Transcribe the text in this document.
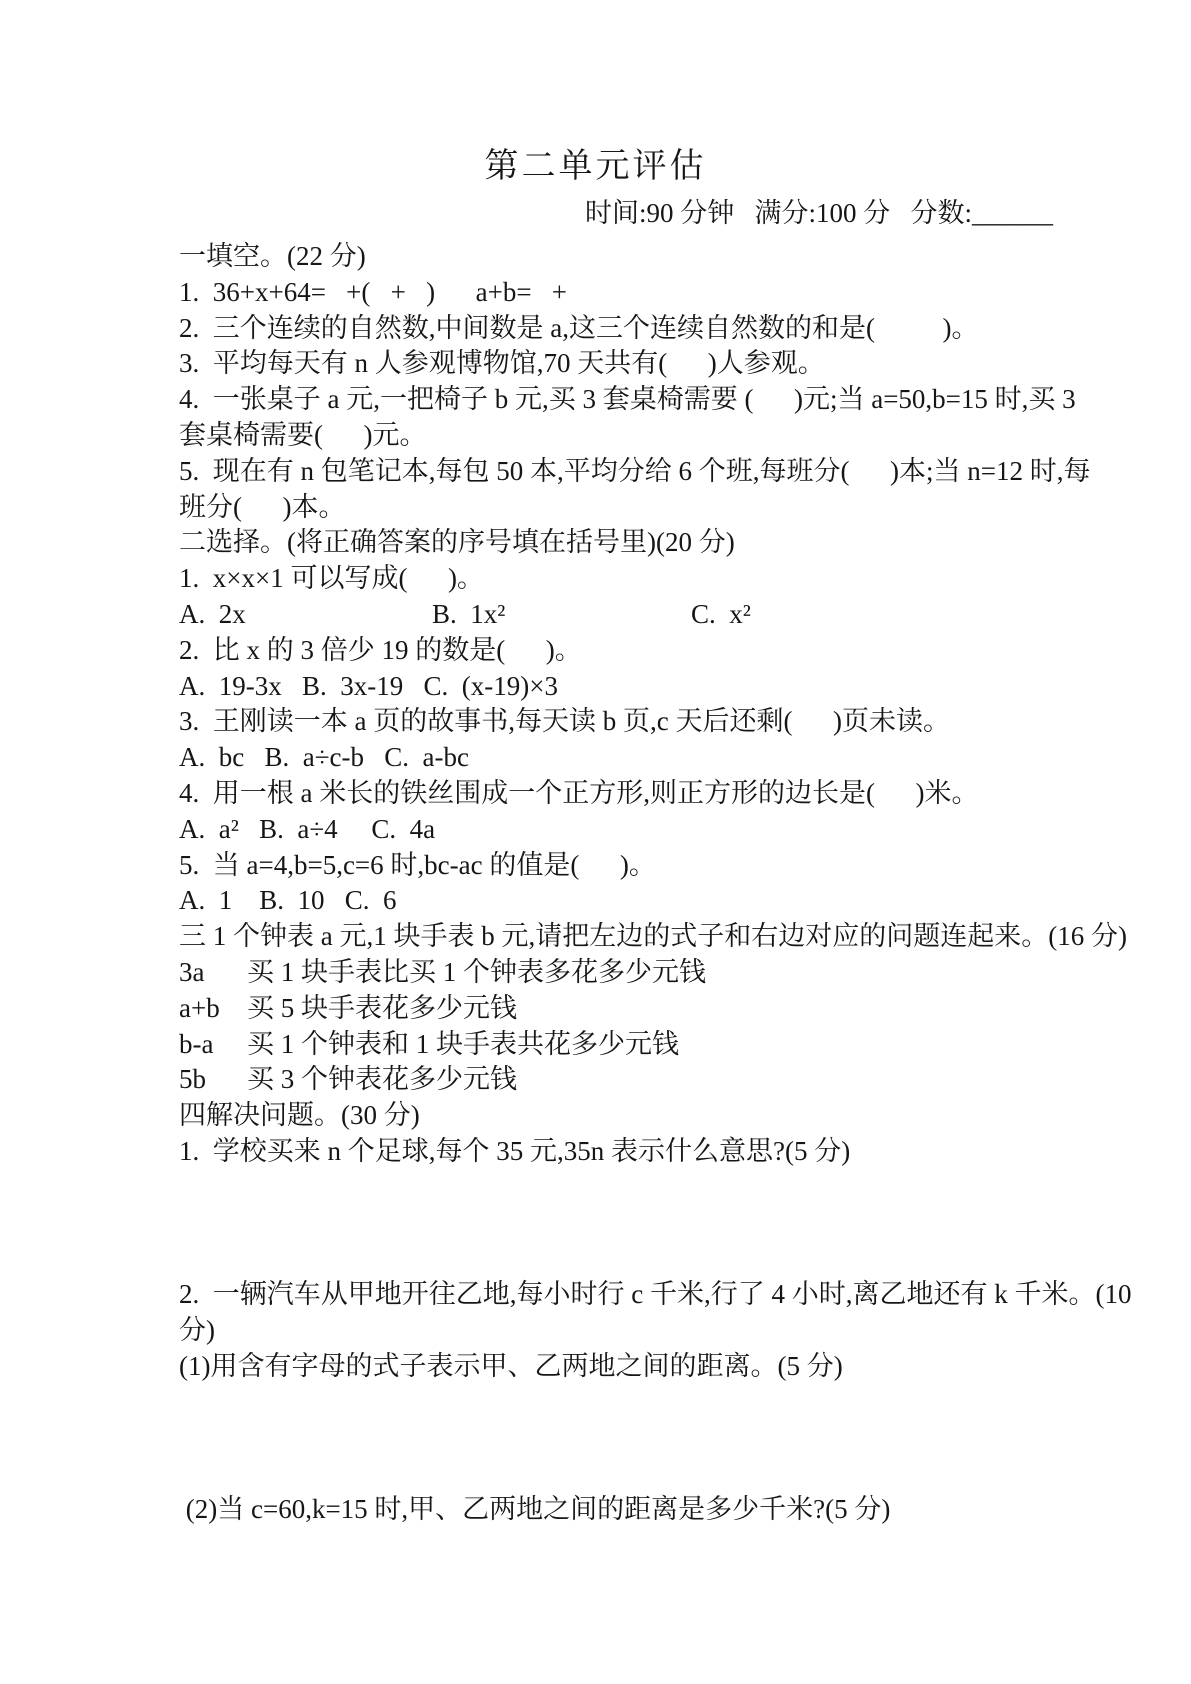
第二单元评估
时间:90 分钟   满分:100 分   分数:______
一填空。(22 分)
1.  36+x+64=   +(   +   )      a+b=   +
2.  三个连续的自然数,中间数是 a,这三个连续自然数的和是(          )。
3.  平均每天有 n 人参观博物馆,70 天共有(      )人参观。
4.  一张桌子 a 元,一把椅子 b 元,买 3 套桌椅需要 (      )元;当 a=50,b=15 时,买 3
套桌椅需要(      )元。
5.  现在有 n 包笔记本,每包 50 本,平均分给 6 个班,每班分(      )本;当 n=12 时,每
班分(      )本。
二选择。(将正确答案的序号填在括号里)(20 分)
1.  x×x×1 可以写成(      )。
A.  2x	B.  1x²	C.  x²
2.  比 x 的 3 倍少 19 的数是(      )。
A.  19-3x   B.  3x-19   C.  (x-19)×3
3.  王刚读一本 a 页的故事书,每天读 b 页,c 天后还剩(      )页未读。
A.  bc   B.  a÷c-b   C.  a-bc
4.  用一根 a 米长的铁丝围成一个正方形,则正方形的边长是(      )米。
A.  a²   B.  a÷4     C.  4a
5.  当 a=4,b=5,c=6 时,bc-ac 的值是(      )。
A.  1    B.  10   C.  6
三 1 个钟表 a 元,1 块手表 b 元,请把左边的式子和右边对应的问题连起来。(16 分)
3a	买 1 块手表比买 1 个钟表多花多少元钱
a+b	买 5 块手表花多少元钱
b-a	买 1 个钟表和 1 块手表共花多少元钱
5b	买 3 个钟表花多少元钱
四解决问题。(30 分)
1.  学校买来 n 个足球,每个 35 元,35n 表示什么意思?(5 分)
2.  一辆汽车从甲地开往乙地,每小时行 c 千米,行了 4 小时,离乙地还有 k 千米。(10
分)
(1)用含有字母的式子表示甲、乙两地之间的距离。(5 分)
(2)当 c=60,k=15 时,甲、乙两地之间的距离是多少千米?(5 分)
